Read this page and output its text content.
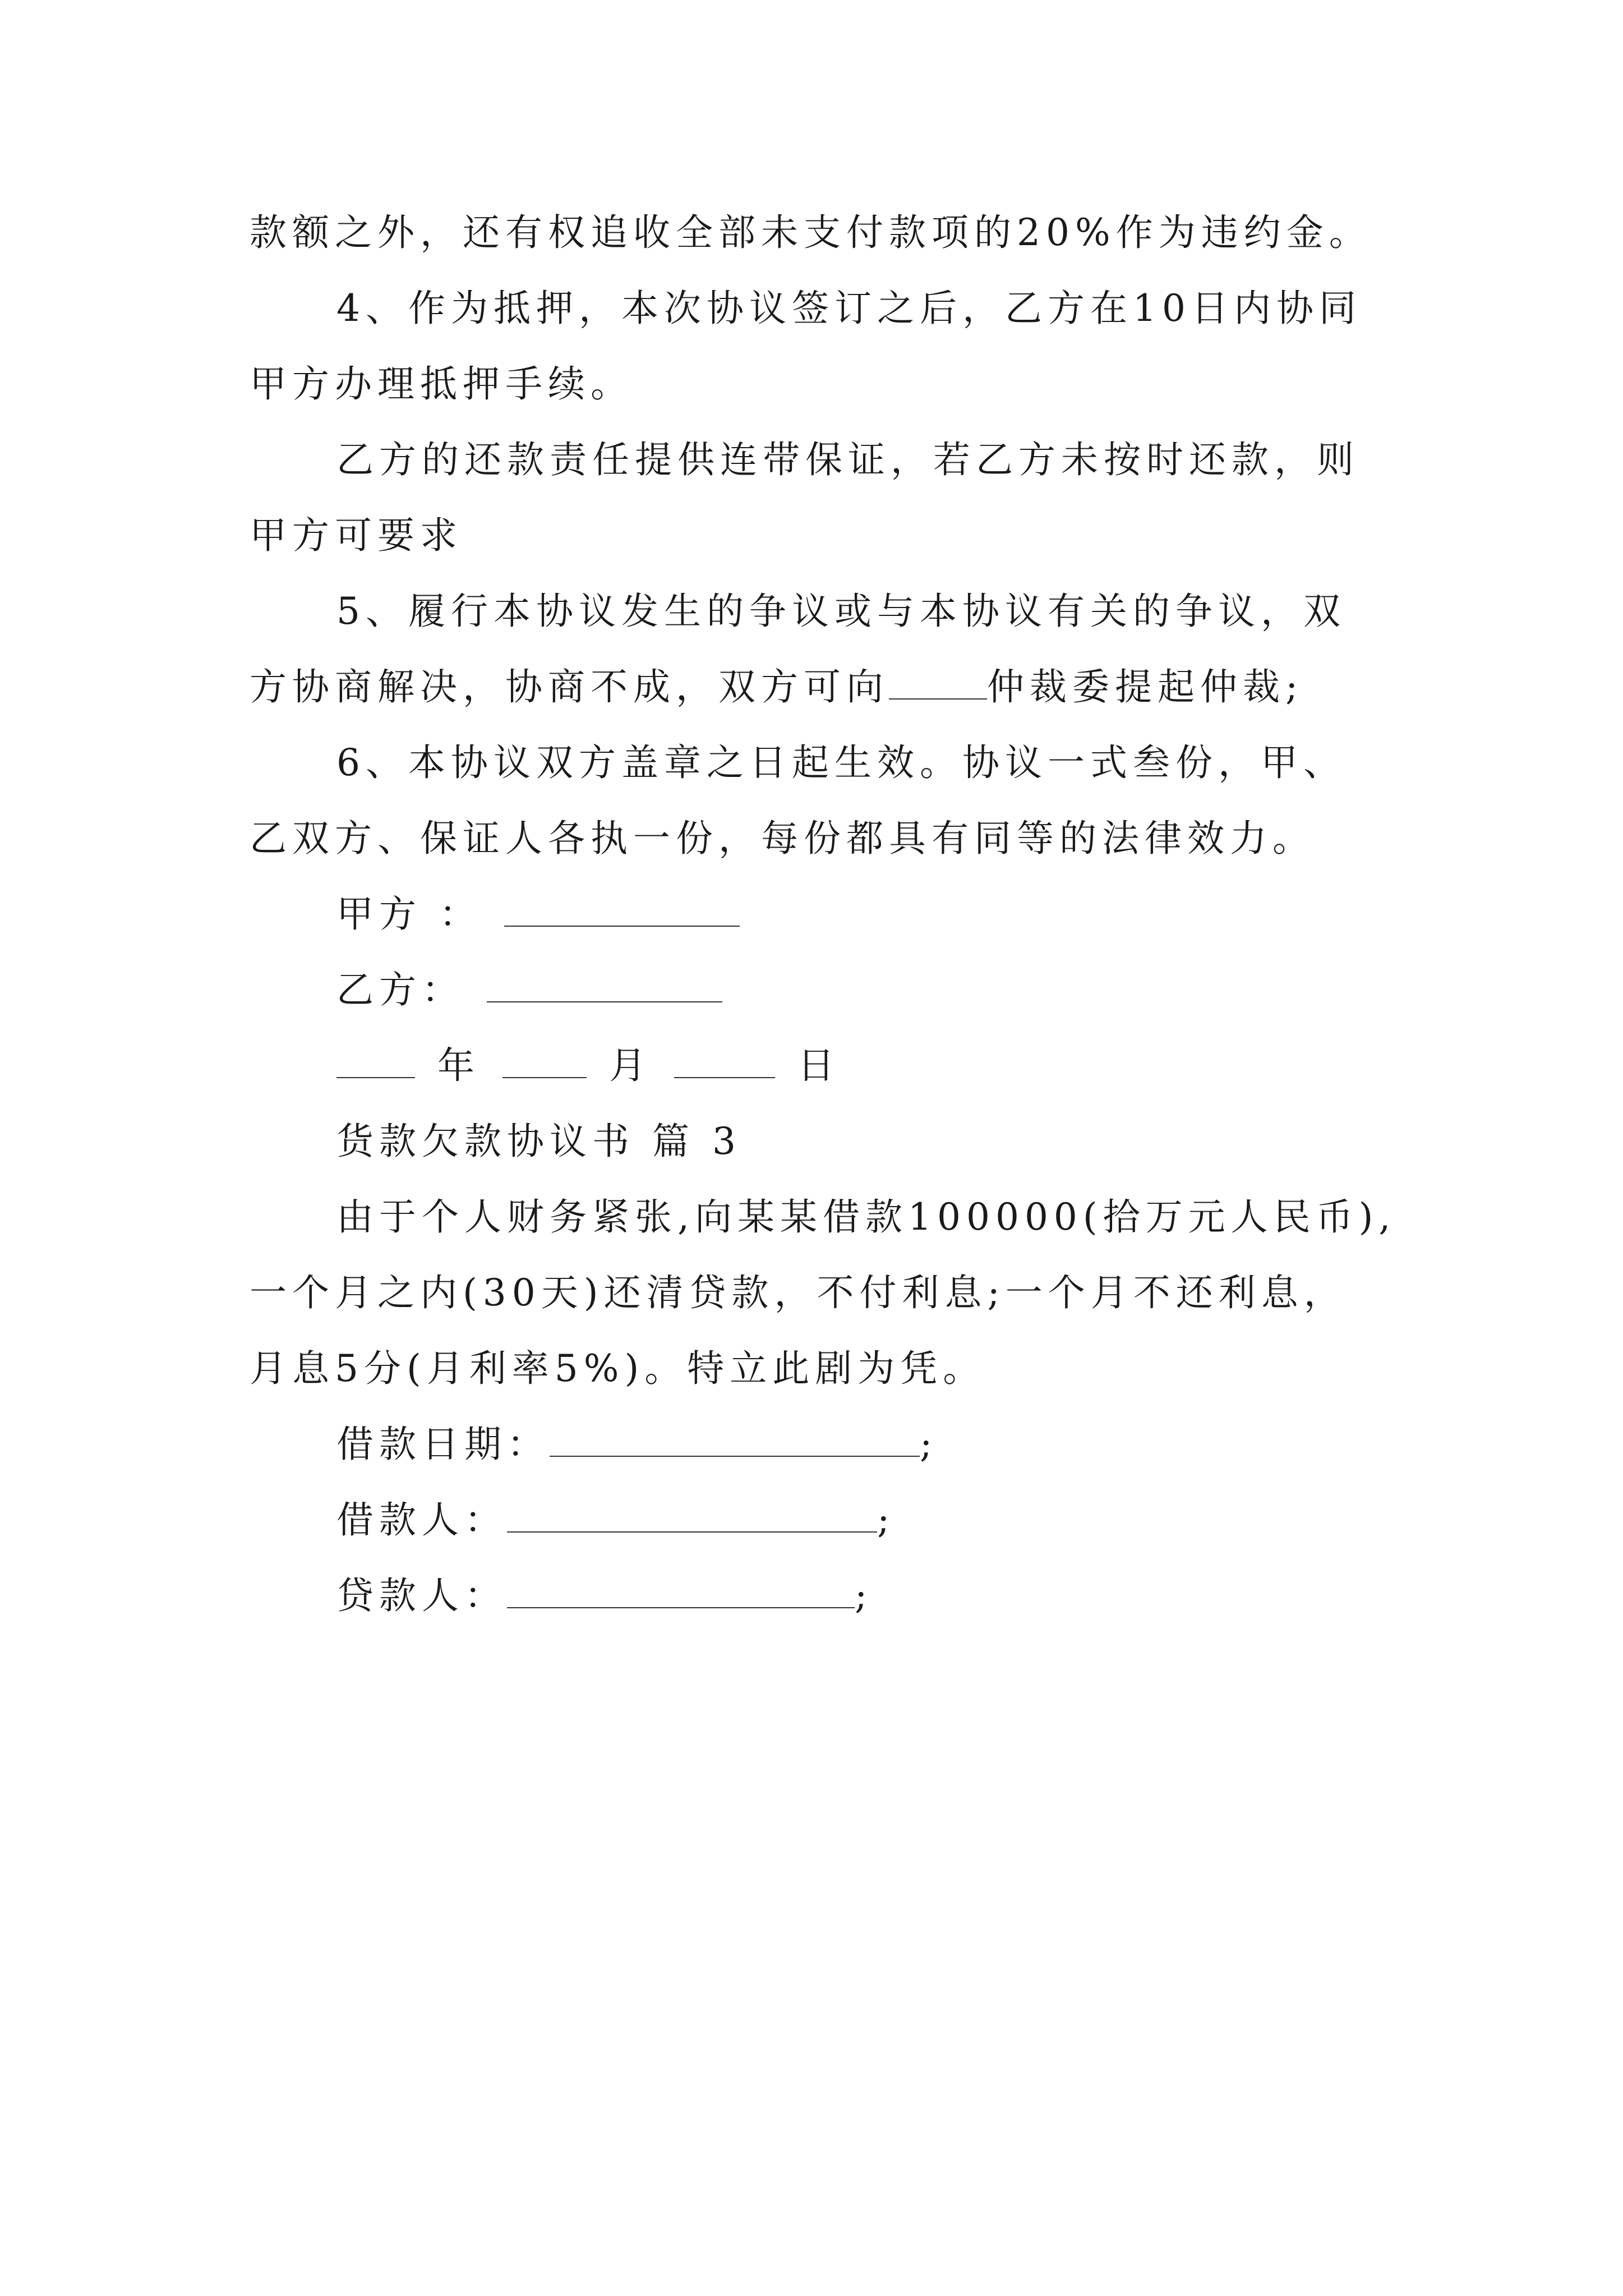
款额之外，还有权追收全部未支付款项的20%作为违约金。
4、作为抵押，本次协议签订之后，乙方在10日内协同
甲方办理抵押手续。
乙方的还款责任提供连带保证，若乙方未按时还款，则
甲方可要求
5、履行本协议发生的争议或与本协议有关的争议，双
方协商解决，协商不成，双方可向	仲裁委提起仲裁;
6、本协议双方盖章之日起生效。协议一式叁份，甲、
乙双方、保证人各执一份，每份都具有同等的法律效力。
甲方 ：
乙方：
年	月	日
货款欠款协议书 篇 3
由于个人财务紧张,向某某借款100000(拾万元人民币),
一个月之内(30天)还清贷款，不付利息;一个月不还利息，
月息5分(月利率5%)。特立此剧为凭。
借款日期：	;
借款人：	;
贷款人：	;
